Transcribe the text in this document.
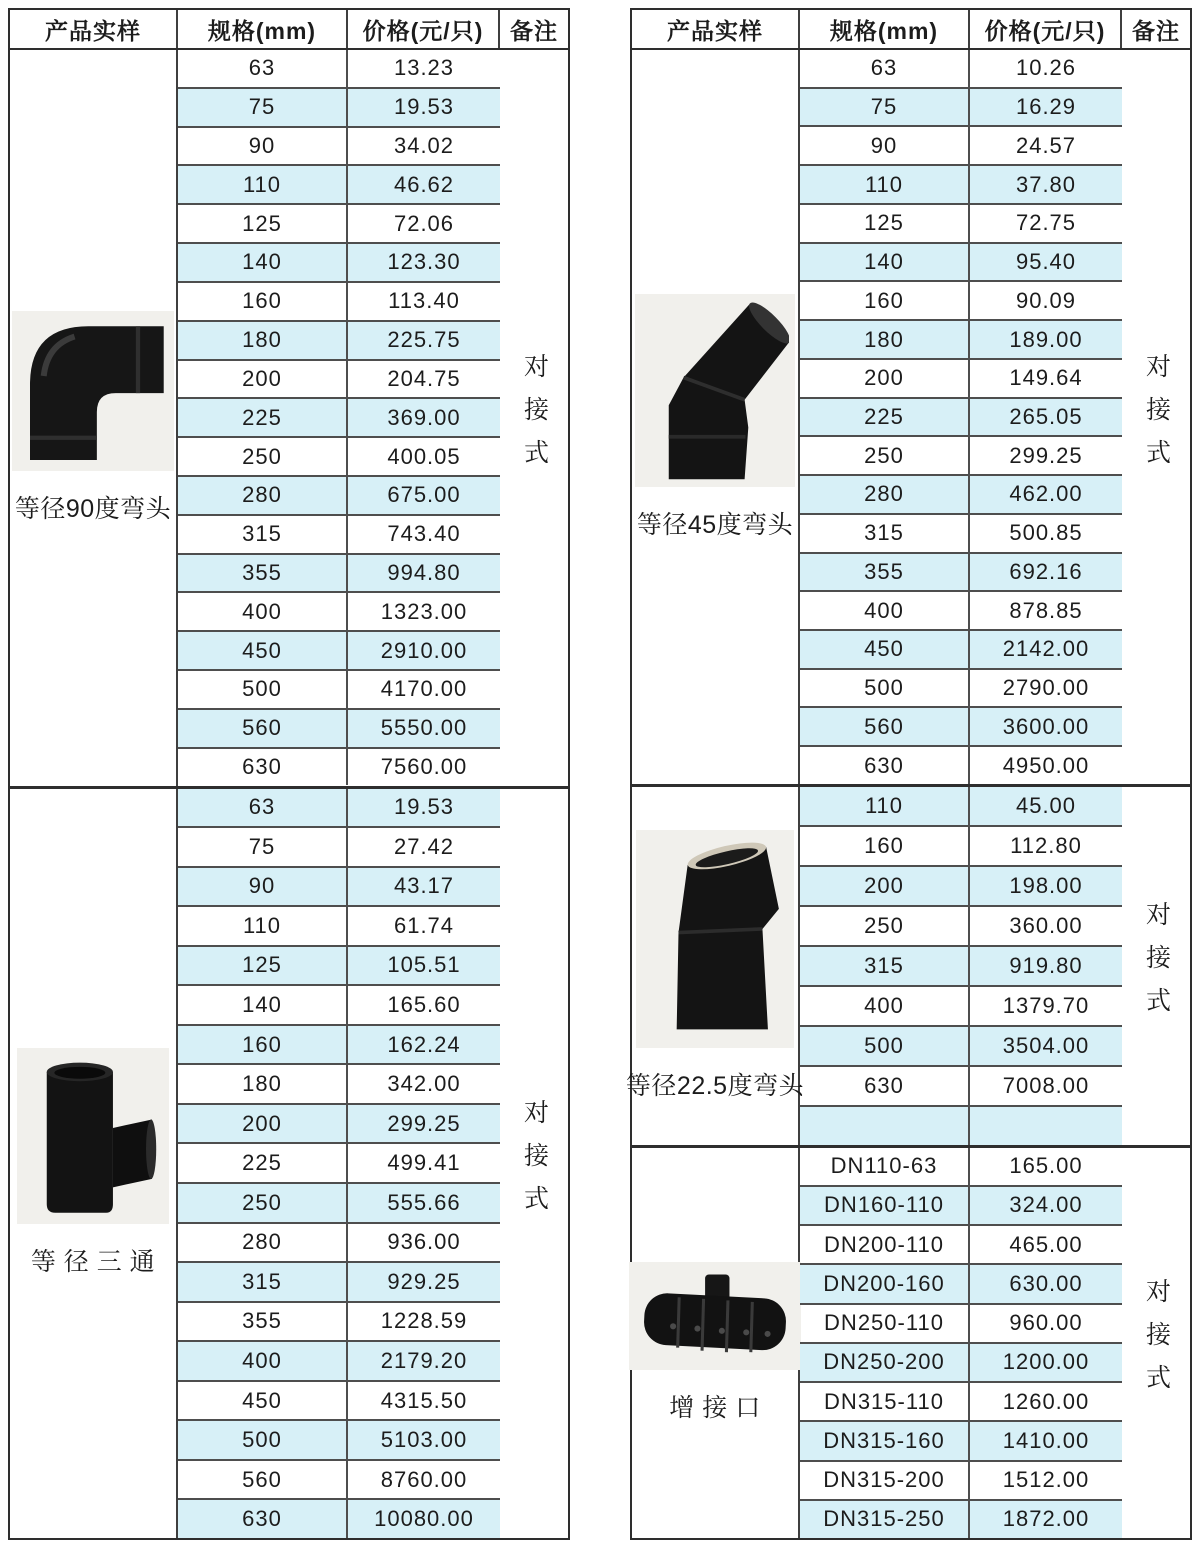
产品实样	规格(mm)	价格(元/只)	备注
等径90度弯头
63	13.23
75	19.53
90	34.02
110	46.62
125	72.06
140	123.30
160	113.40
180	225.75
200	204.75
225	369.00
250	400.05
280	675.00
315	743.40
355	994.80
400	1323.00
450	2910.00
500	4170.00
560	5550.00
630	7560.00
对接式
等 径 三 通
63	19.53
75	27.42
90	43.17
110	61.74
125	105.51
140	165.60
160	162.24
180	342.00
200	299.25
225	499.41
250	555.66
280	936.00
315	929.25
355	1228.59
400	2179.20
450	4315.50
500	5103.00
560	8760.00
630	10080.00
对接式
产品实样	规格(mm)	价格(元/只)	备注
等径45度弯头
63	10.26
75	16.29
90	24.57
110	37.80
125	72.75
140	95.40
160	90.09
180	189.00
200	149.64
225	265.05
250	299.25
280	462.00
315	500.85
355	692.16
400	878.85
450	2142.00
500	2790.00
560	3600.00
630	4950.00
对接式
等径22.5度弯头
110	45.00
160	112.80
200	198.00
250	360.00
315	919.80
400	1379.70
500	3504.00
630	7008.00
对接式
增 接 口
DN110-63	165.00
DN160-110	324.00
DN200-110	465.00
DN200-160	630.00
DN250-110	960.00
DN250-200	1200.00
DN315-110	1260.00
DN315-160	1410.00
DN315-200	1512.00
DN315-250	1872.00
对接式
